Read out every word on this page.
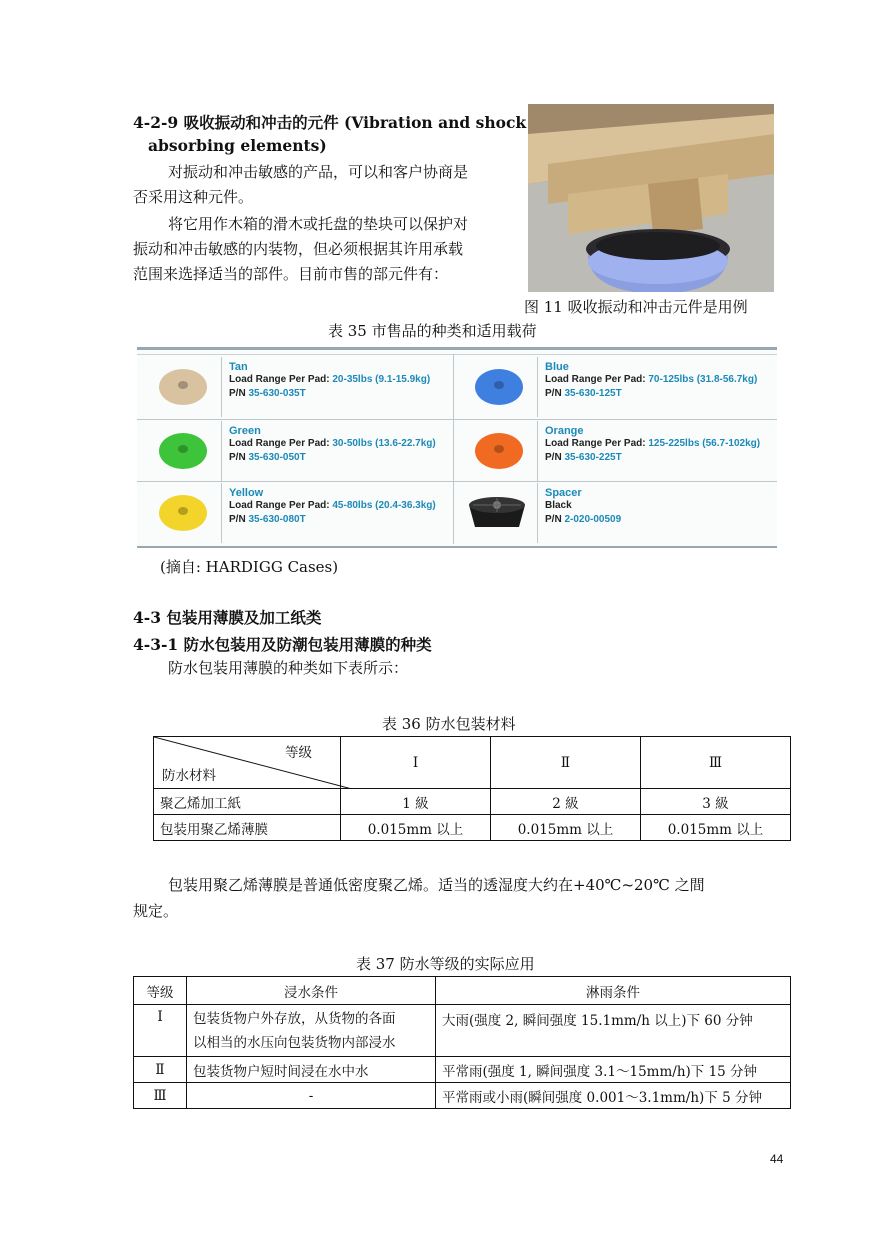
4-2-9 吸收振动和冲击的元件 (Vibration and shock
absorbing elements)
对振动和冲击敏感的产品，可以和客户协商是
否采用这种元件。
将它用作木箱的滑木或托盘的垫块可以保护对
振动和冲击敏感的内装物，但必须根据其许用承载
范围来选择适当的部件。目前市售的部元件有：
图 11 吸收振动和冲击元件是用例
表 35 市售品的种类和适用载荷
Tan
Load Range Per Pad: 20-35lbs (9.1-15.9kg)
P/N 35-630-035T
Blue
Load Range Per Pad: 70-125lbs (31.8-56.7kg)
P/N 35-630-125T
Green
Load Range Per Pad: 30-50lbs (13.6-22.7kg)
P/N 35-630-050T
Orange
Load Range Per Pad: 125-225lbs (56.7-102kg)
P/N 35-630-225T
Yellow
Load Range Per Pad: 45-80lbs (20.4-36.3kg)
P/N 35-630-080T
Spacer
Black
P/N 2-020-00509
(摘自: HARDIGG Cases)
4-3 包装用薄膜及加工纸类
4-3-1 防水包装用及防潮包装用薄膜的种类
防水包装用薄膜的种类如下表所示：
表 36 防水包装材料
等级
防水材料	Ⅰ	Ⅱ	Ⅲ
聚乙烯加工紙	1 級	2 級	3 級
包装用聚乙烯薄膜	0.015mm 以上	0.015mm 以上	0.015mm 以上
包装用聚乙烯薄膜是普通低密度聚乙烯。适当的透湿度大约在+40℃~20℃ 之間
规定。
表 37 防水等级的实际应用
等级	浸水条件	淋雨条件
Ⅰ	包装货物户外存放，从货物的各面
以相当的水压向包装货物内部浸水	大雨(强度 2, 瞬间强度 15.1mm/h 以上)下 60 分钟
Ⅱ	包装货物户短时间浸在水中水	平常雨(强度 1, 瞬间强度 3.1～15mm/h)下 15 分钟
Ⅲ	-	平常雨或小雨(瞬间强度 0.001～3.1mm/h)下 5 分钟
44
